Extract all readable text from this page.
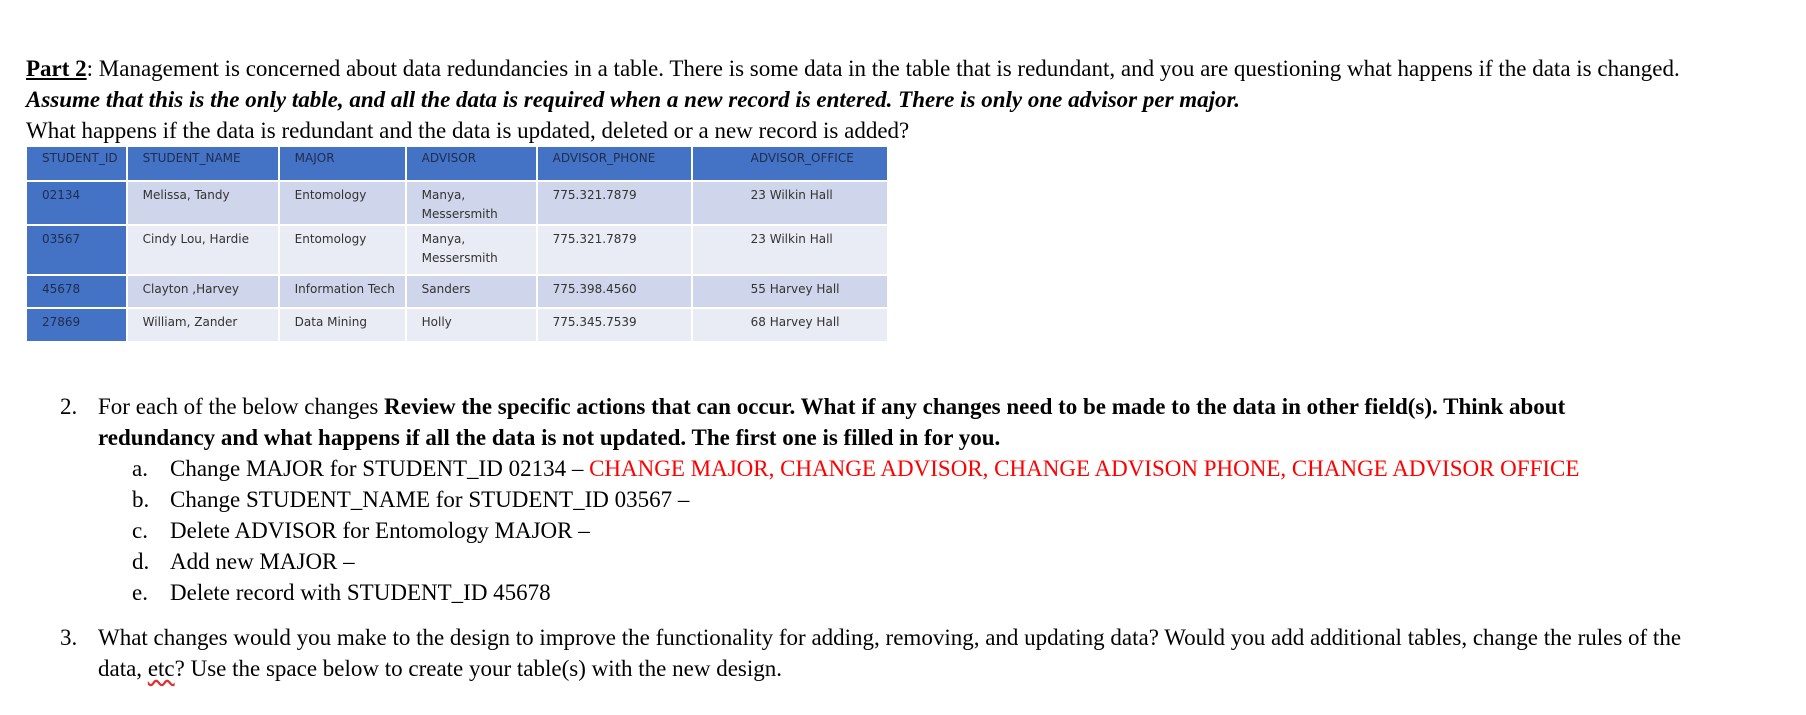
Part 2: Management is concerned about data redundancies in a table. There is some data in the table that is redundant, and you are questioning what happens if the data is changed.
Assume that this is the only table, and all the data is required when a new record is entered. There is only one advisor per major.
What happens if the data is redundant and the data is updated, deleted or a new record is added?
STUDENT_ID	STUDENT_NAME	MAJOR	ADVISOR	ADVISOR_PHONE	ADVISOR_OFFICE
02134	Melissa, Tandy	Entomology	Manya, Messersmith	775.321.7879	23 Wilkin Hall
03567	Cindy Lou, Hardie	Entomology	Manya, Messersmith	775.321.7879	23 Wilkin Hall
45678	Clayton ,Harvey	Information Tech	Sanders	775.398.4560	55 Harvey Hall
27869	William, Zander	Data Mining	Holly	775.345.7539	68 Harvey Hall
2. For each of the below changes Review the specific actions that can occur. What if any changes need to be made to the data in other field(s). Think about
redundancy and what happens if all the data is not updated. The first one is filled in for you.
a. Change MAJOR for STUDENT_ID 02134 – CHANGE MAJOR, CHANGE ADVISOR, CHANGE ADVISON PHONE, CHANGE ADVISOR OFFICE
b. Change STUDENT_NAME for STUDENT_ID 03567 –
c. Delete ADVISOR for Entomology MAJOR –
d. Add new MAJOR –
e. Delete record with STUDENT_ID 45678
3. What changes would you make to the design to improve the functionality for adding, removing, and updating data? Would you add additional tables, change the rules of the
data, etc? Use the space below to create your table(s) with the new design.
